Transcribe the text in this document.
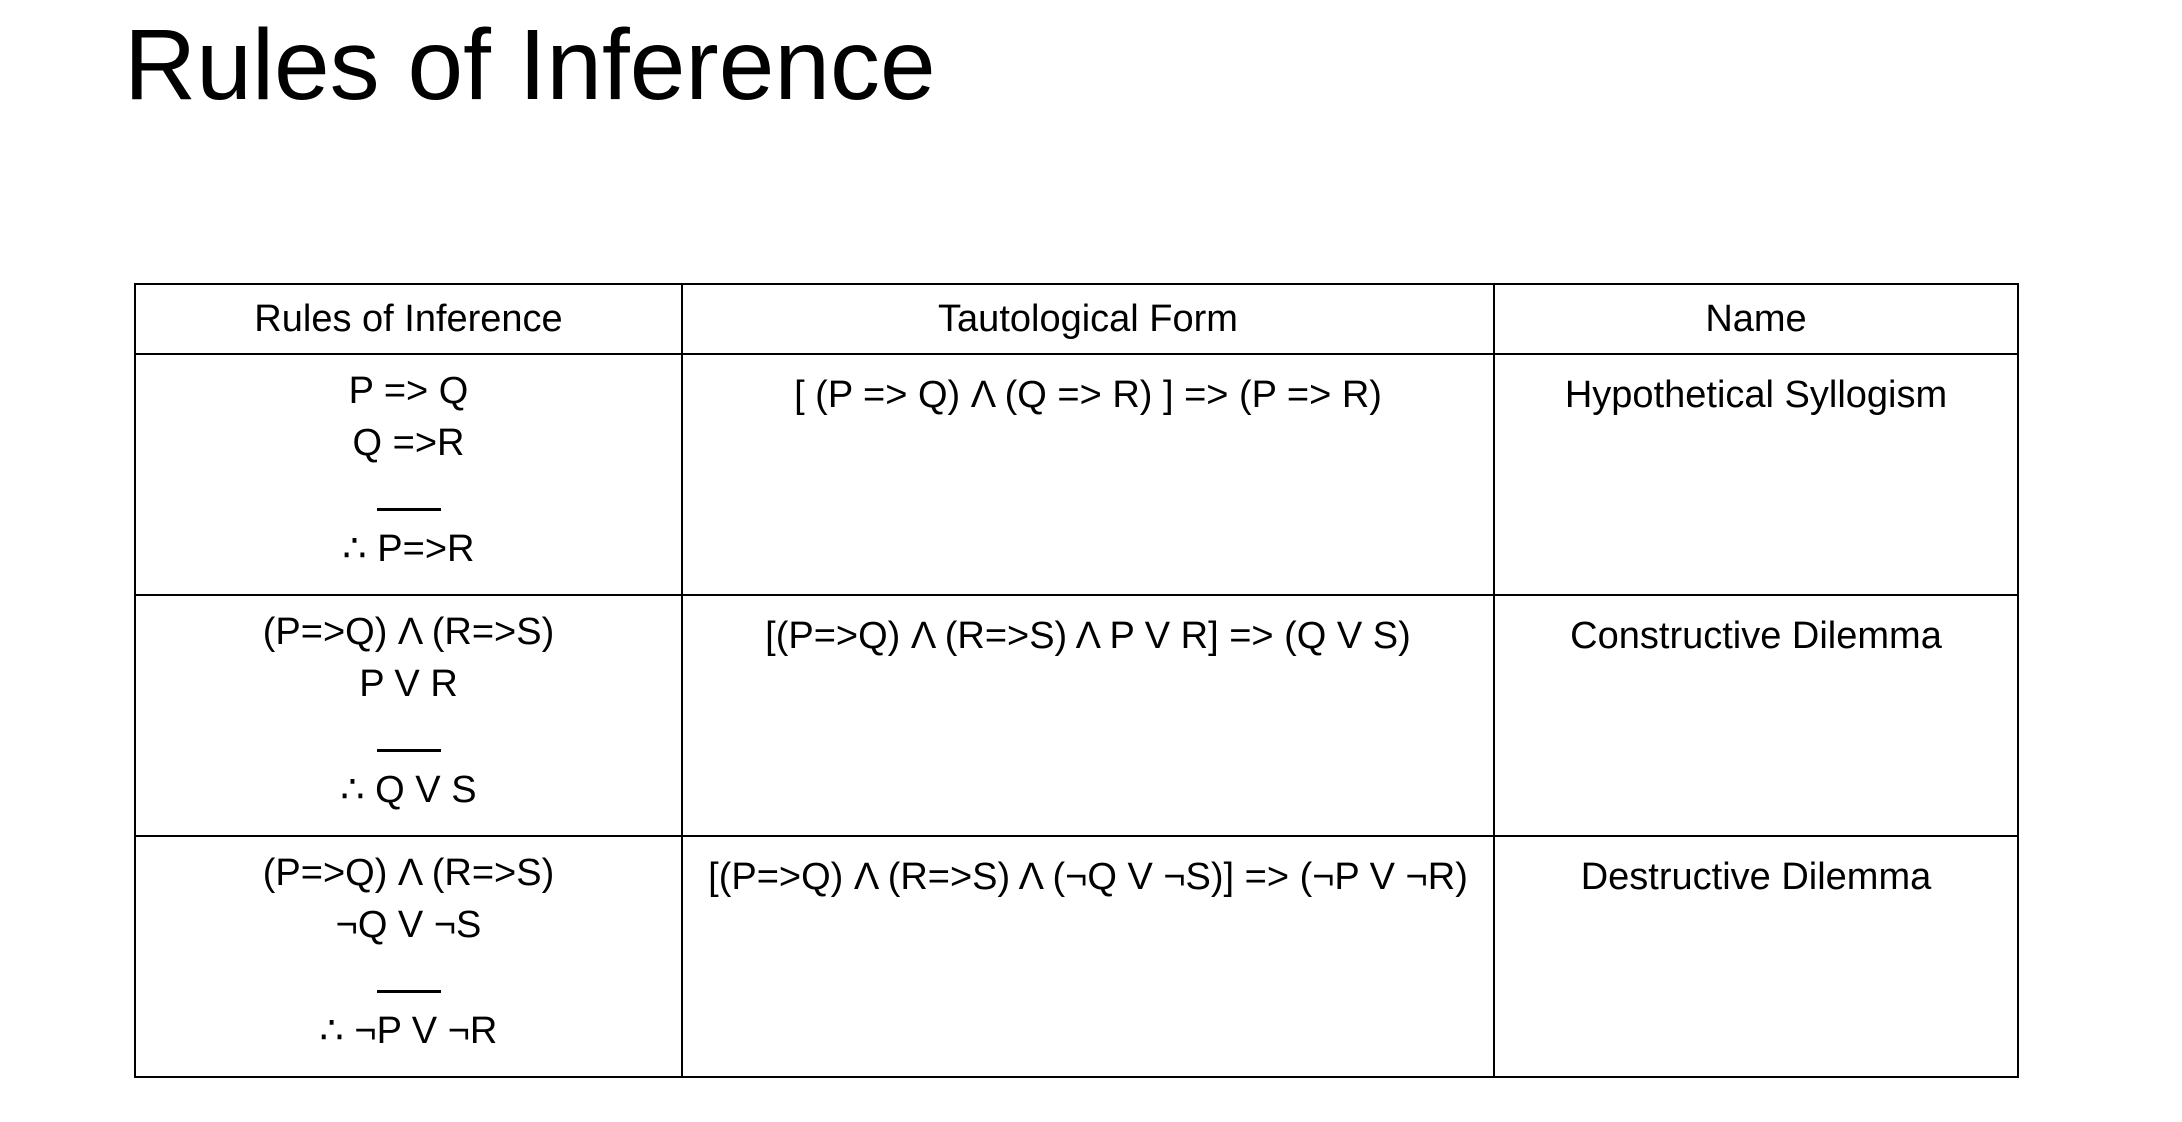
Rules of Inference
Rules of Inference	Tautological Form	Name

P => Q
Q =>R
∴ P=>R	[ (P => Q) Λ (Q => R) ] => (P => R)	Hypothetical Syllogism

(P=>Q) Λ (R=>S)
P V R
∴ Q V S	[(P=>Q) Λ (R=>S) Λ P V R] => (Q V S)	Constructive Dilemma

(P=>Q) Λ (R=>S)
¬Q V ¬S
∴ ¬P V ¬R	[(P=>Q) Λ (R=>S) Λ (¬Q V ¬S)] => (¬P V ¬R)	Destructive Dilemma
